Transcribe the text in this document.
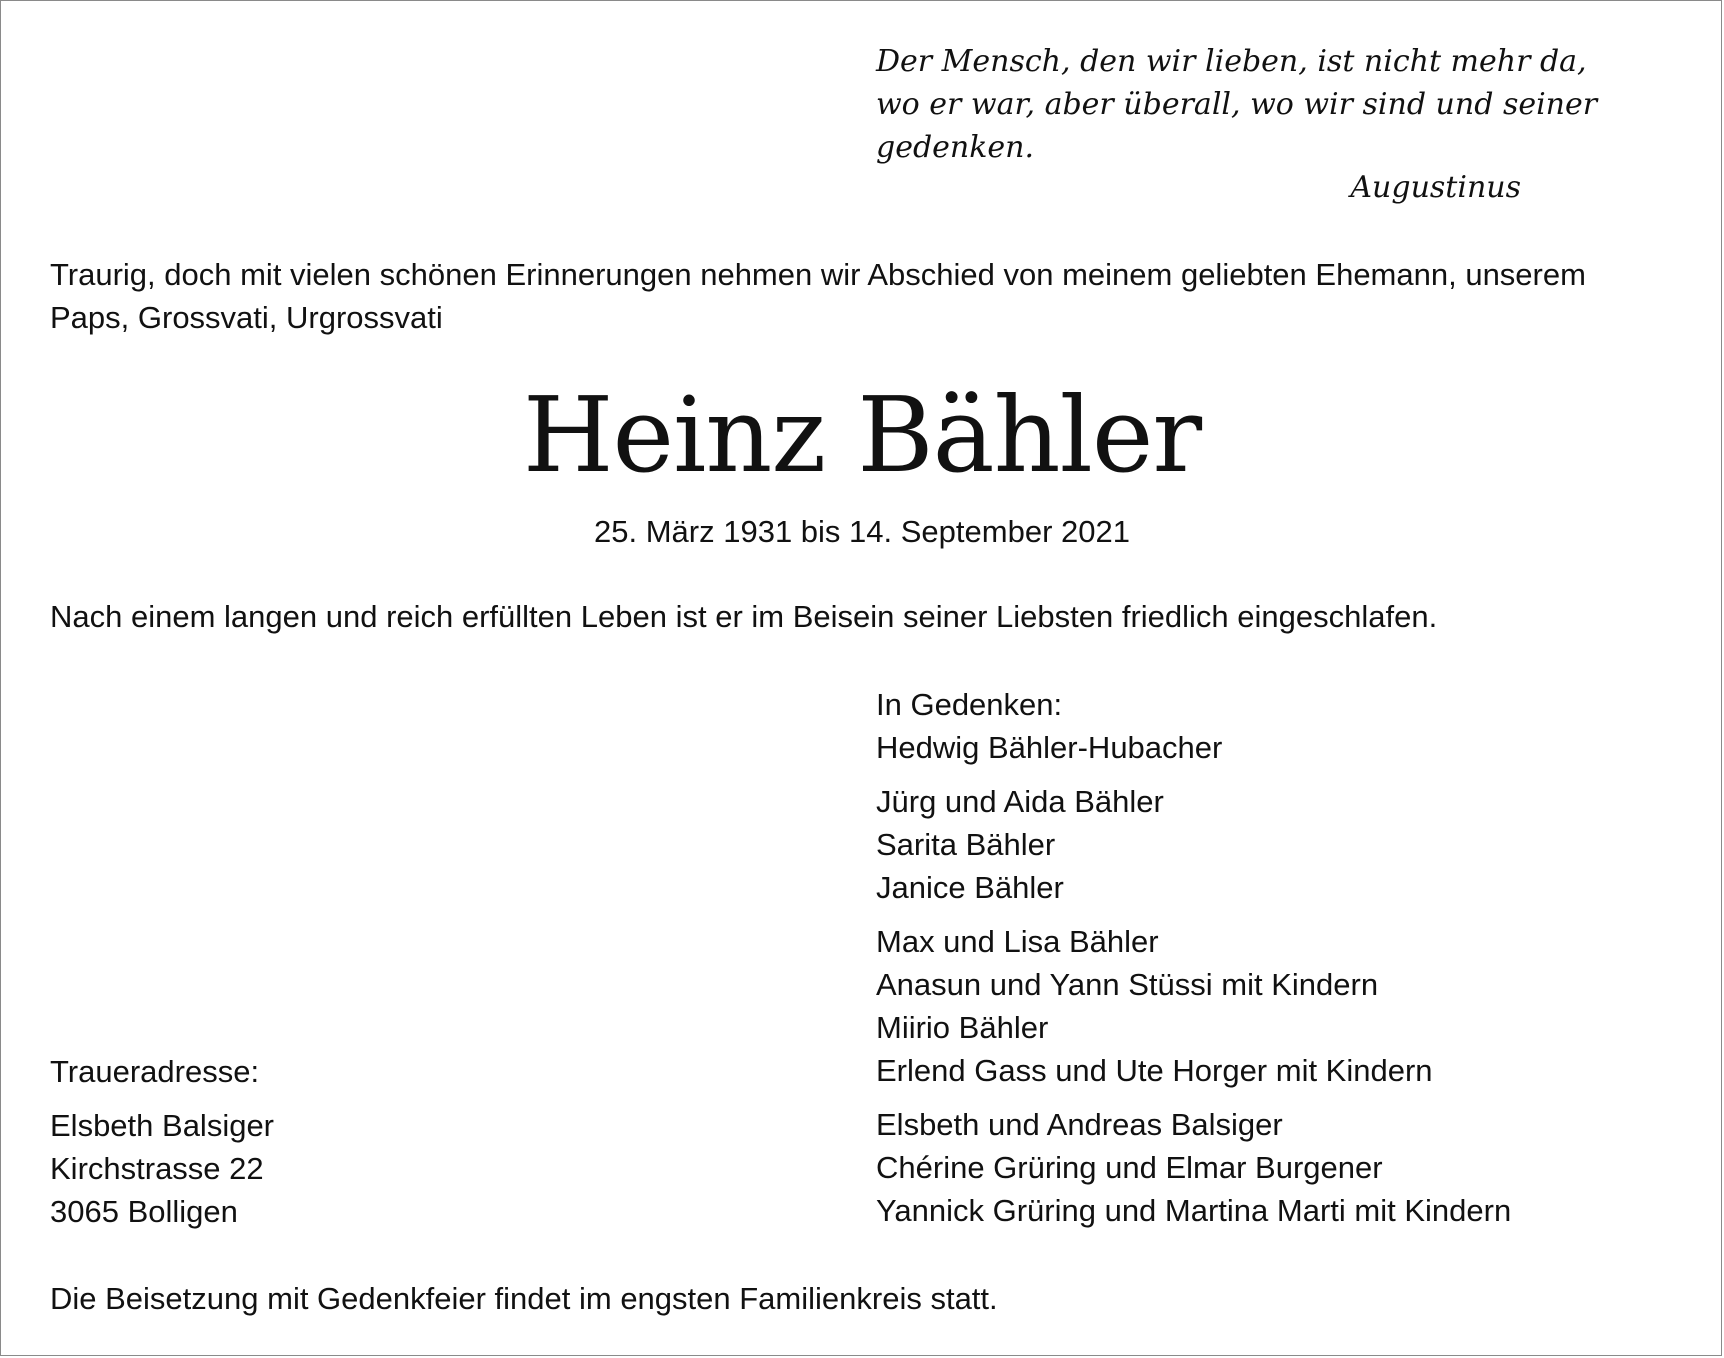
Der Mensch, den wir lieben, ist nicht mehr da,
wo er war, aber überall, wo wir sind und seiner
gedenken.
Augustinus
Traurig, doch mit vielen schönen Erinnerungen nehmen wir Abschied von meinem geliebten Ehemann, unserem
Paps, Grossvati, Urgrossvati
Heinz Bähler
25. März 1931 bis 14. September 2021
Nach einem langen und reich erfüllten Leben ist er im Beisein seiner Liebsten friedlich eingeschlafen.
In Gedenken:
Hedwig Bähler-Hubacher
Jürg und Aida Bähler
Sarita Bähler
Janice Bähler
Max und Lisa Bähler
Anasun und Yann Stüssi mit Kindern
Miirio Bähler
Erlend Gass und Ute Horger mit Kindern
Elsbeth und Andreas Balsiger
Chérine Grüring und Elmar Burgener
Yannick Grüring und Martina Marti mit Kindern
Traueradresse:
Elsbeth Balsiger
Kirchstrasse 22
3065 Bolligen
Die Beisetzung mit Gedenkfeier findet im engsten Familienkreis statt.
